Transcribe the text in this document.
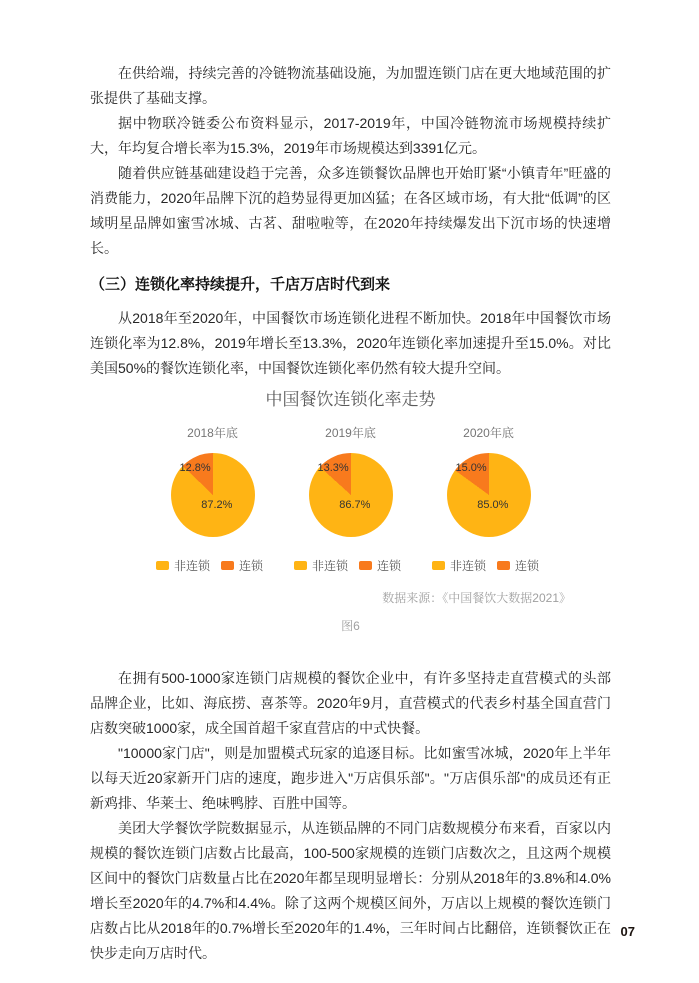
在供给端，持续完善的冷链物流基础设施，为加盟连锁门店在更大地域范围的扩张提供了基础支撑。

据中物联冷链委公布资料显示，2017-2019年，中国冷链物流市场规模持续扩大，年均复合增长率为15.3%，2019年市场规模达到3391亿元。

随着供应链基础建设趋于完善，众多连锁餐饮品牌也开始盯紧“小镇青年”旺盛的消费能力，2020年品牌下沉的趋势显得更加凶猛；在各区域市场，有大批“低调”的区域明星品牌如蜜雪冰城、古茗、甜啦啦等，在2020年持续爆发出下沉市场的快速增长。

（三）连锁化率持续提升，千店万店时代到来

从2018年至2020年，中国餐饮市场连锁化进程不断加快。2018年中国餐饮市场连锁化率为12.8%，2019年增长至13.3%，2020年连锁化率加速提升至15.0%。对比美国50%的餐饮连锁化率，中国餐饮连锁化率仍然有较大提升空间。

中国餐饮连锁化率走势
2018年底
12.8%
87.2%
非连锁 连锁
2019年底
13.3%
86.7%
非连锁 连锁
2020年底
15.0%
85.0%
非连锁 连锁
数据来源：《中国餐饮大数据2021》
图6

在拥有500-1000家连锁门店规模的餐饮企业中，有许多坚持走直营模式的头部品牌企业，比如、海底捞、喜茶等。2020年9月，直营模式的代表乡村基全国直营门店数突破1000家，成全国首超千家直营店的中式快餐。

"10000家门店"，则是加盟模式玩家的追逐目标。比如蜜雪冰城，2020年上半年以每天近20家新开门店的速度，跑步进入"万店俱乐部"。"万店俱乐部"的成员还有正新鸡排、华莱士、绝味鸭脖、百胜中国等。

美团大学餐饮学院数据显示，从连锁品牌的不同门店数规模分布来看，百家以内规模的餐饮连锁门店数占比最高，100-500家规模的连锁门店数次之，且这两个规模区间中的餐饮门店数量占比在2020年都呈现明显增长：分别从2018年的3.8%和4.0%增长至2020年的4.7%和4.4%。除了这两个规模区间外，万店以上规模的餐饮连锁门店数占比从2018年的0.7%增长至2020年的1.4%，三年时间占比翻倍，连锁餐饮正在快步走向万店时代。

07
